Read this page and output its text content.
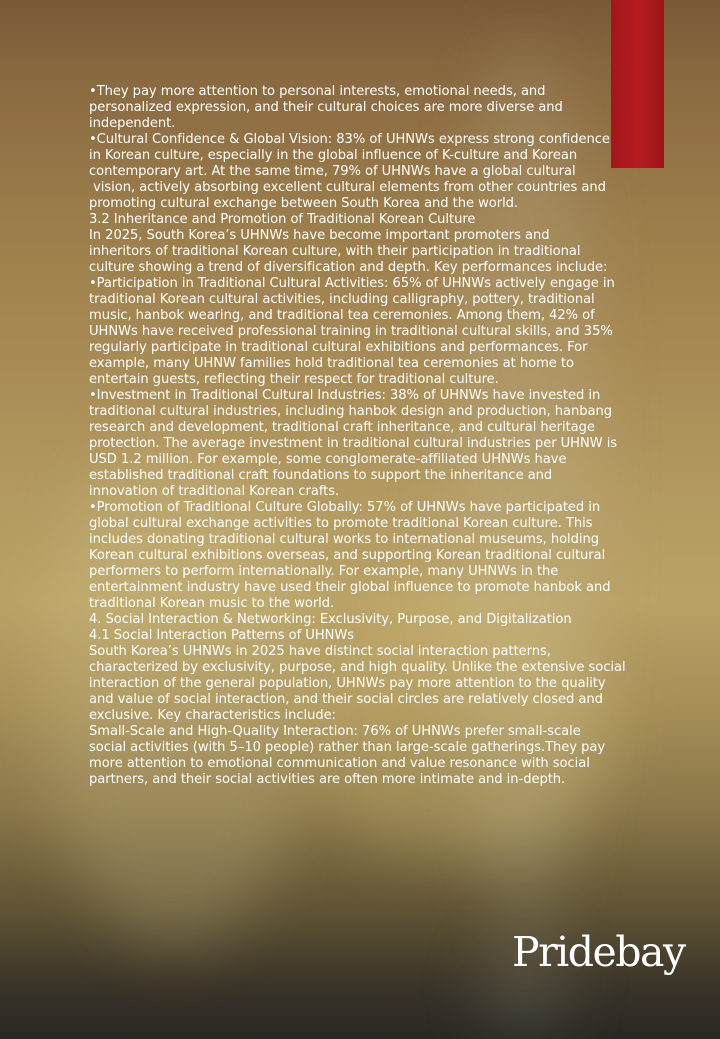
•They pay more attention to personal interests, emotional needs, and

personalized expression, and their cultural choices are more diverse and

independent.

•Cultural Confidence & Global Vision: 83% of UHNWs express strong confidence

in Korean culture, especially in the global influence of K-culture and Korean

contemporary art. At the same time, 79% of UHNWs have a global cultural

vision, actively absorbing excellent cultural elements from other countries and

promoting cultural exchange between South Korea and the world.

3.2 Inheritance and Promotion of Traditional Korean Culture

In 2025, South Korea’s UHNWs have become important promoters and

inheritors of traditional Korean culture, with their participation in traditional

culture showing a trend of diversification and depth. Key performances include:

•Participation in Traditional Cultural Activities: 65% of UHNWs actively engage in

traditional Korean cultural activities, including calligraphy, pottery, traditional

music, hanbok wearing, and traditional tea ceremonies. Among them, 42% of

UHNWs have received professional training in traditional cultural skills, and 35%

regularly participate in traditional cultural exhibitions and performances. For

example, many UHNW families hold traditional tea ceremonies at home to

entertain guests, reflecting their respect for traditional culture.

•Investment in Traditional Cultural Industries: 38% of UHNWs have invested in

traditional cultural industries, including hanbok design and production, hanbang

research and development, traditional craft inheritance, and cultural heritage

protection. The average investment in traditional cultural industries per UHNW is

USD 1.2 million. For example, some conglomerate-affiliated UHNWs have

established traditional craft foundations to support the inheritance and

innovation of traditional Korean crafts.

•Promotion of Traditional Culture Globally: 57% of UHNWs have participated in

global cultural exchange activities to promote traditional Korean culture. This

includes donating traditional cultural works to international museums, holding

Korean cultural exhibitions overseas, and supporting Korean traditional cultural

performers to perform internationally. For example, many UHNWs in the

entertainment industry have used their global influence to promote hanbok and

traditional Korean music to the world.

4. Social Interaction & Networking: Exclusivity, Purpose, and Digitalization

4.1 Social Interaction Patterns of UHNWs

South Korea’s UHNWs in 2025 have distinct social interaction patterns,

characterized by exclusivity, purpose, and high quality. Unlike the extensive social

interaction of the general population, UHNWs pay more attention to the quality

and value of social interaction, and their social circles are relatively closed and

exclusive. Key characteristics include:

Small-Scale and High-Quality Interaction: 76% of UHNWs prefer small-scale

social activities (with 5–10 people) rather than large-scale gatherings.They pay

more attention to emotional communication and value resonance with social

partners, and their social activities are often more intimate and in-depth.

Pridebay
